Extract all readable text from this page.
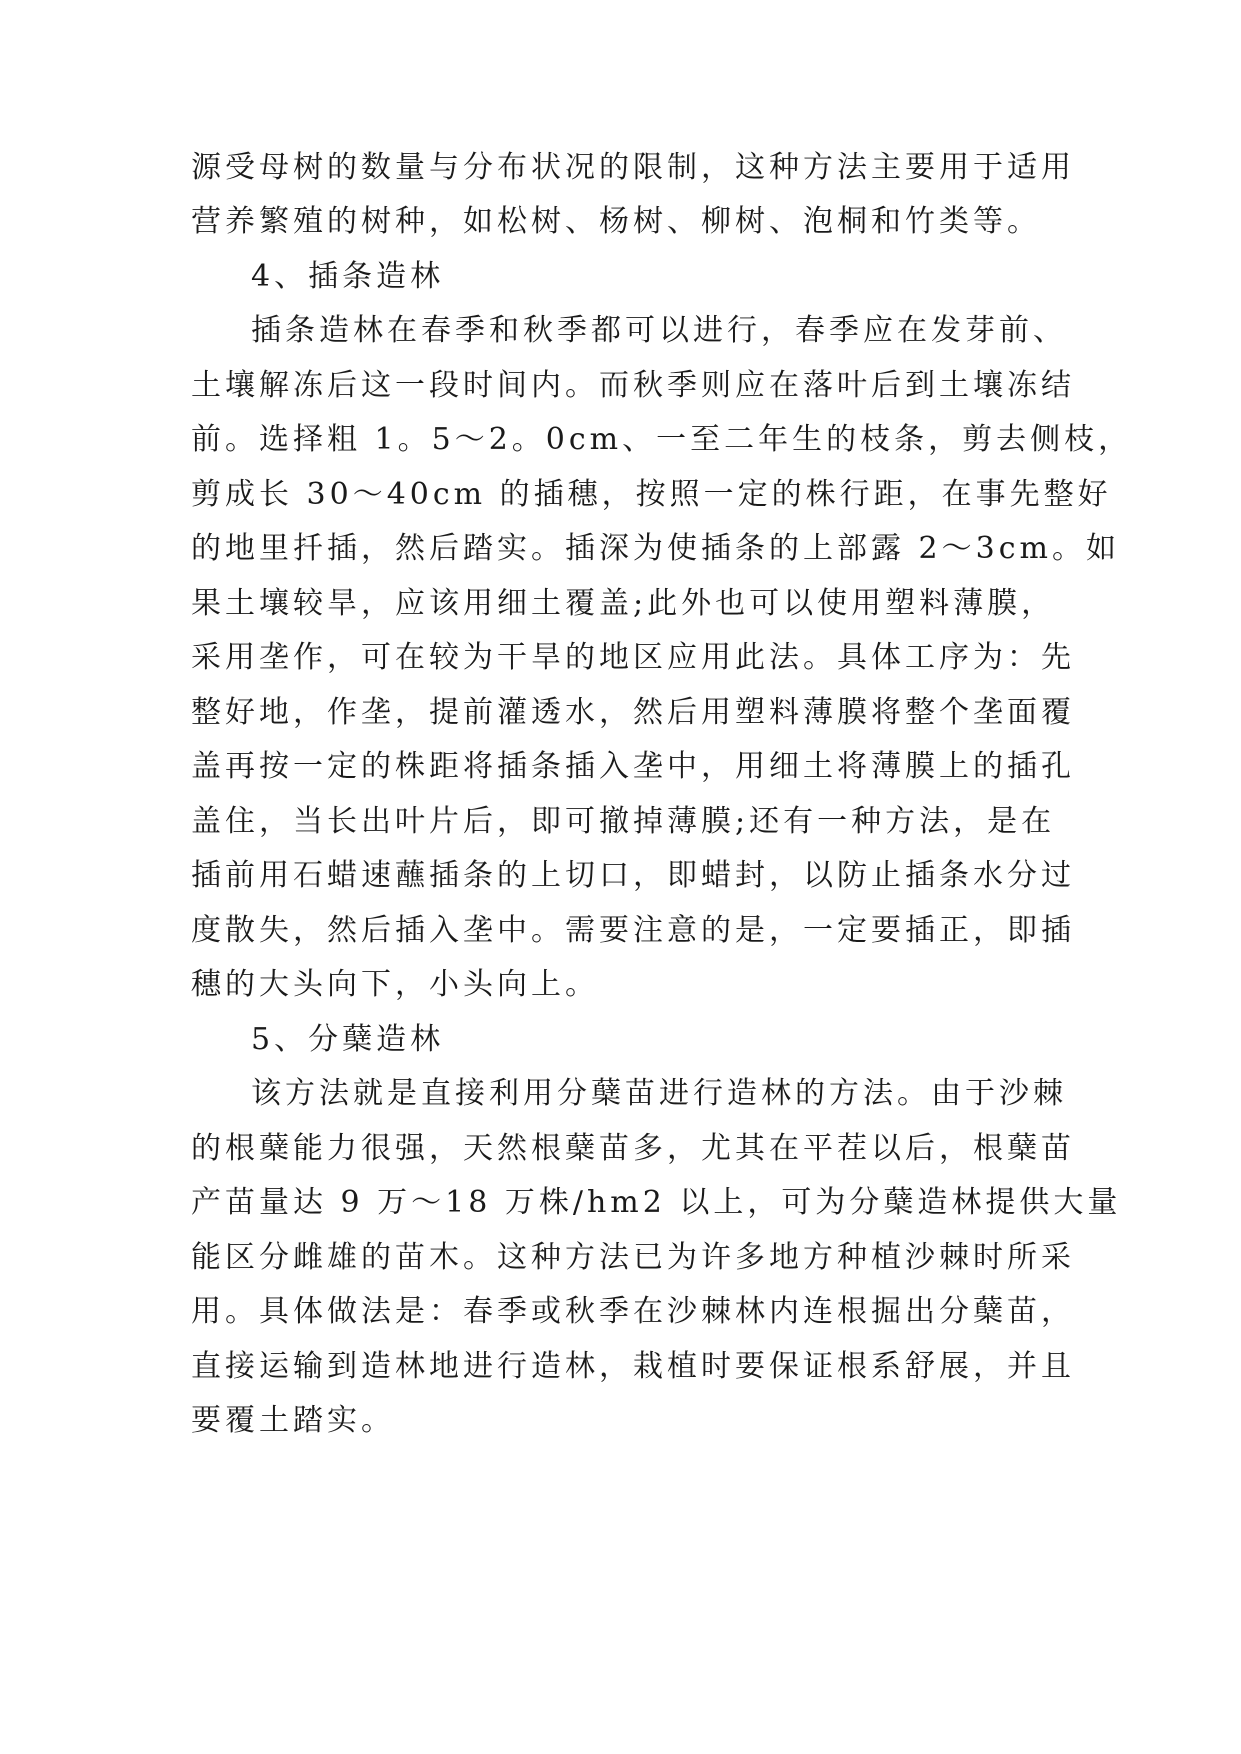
源受母树的数量与分布状况的限制，这种方法主要用于适用
营养繁殖的树种，如松树、杨树、柳树、泡桐和竹类等。
4、插条造林
插条造林在春季和秋季都可以进行，春季应在发芽前、
土壤解冻后这一段时间内。而秋季则应在落叶后到土壤冻结
前。选择粗 1。5～2。0cm、一至二年生的枝条，剪去侧枝，
剪成长 30～40cm 的插穗，按照一定的株行距，在事先整好
的地里扦插，然后踏实。插深为使插条的上部露 2～3cm。如
果土壤较旱，应该用细土覆盖;此外也可以使用塑料薄膜，
采用垄作，可在较为干旱的地区应用此法。具体工序为：先
整好地，作垄，提前灌透水，然后用塑料薄膜将整个垄面覆
盖再按一定的株距将插条插入垄中，用细土将薄膜上的插孔
盖住，当长出叶片后，即可撤掉薄膜;还有一种方法，是在
插前用石蜡速蘸插条的上切口，即蜡封，以防止插条水分过
度散失，然后插入垄中。需要注意的是，一定要插正，即插
穗的大头向下，小头向上。
5、分蘖造林
该方法就是直接利用分蘖苗进行造林的方法。由于沙棘
的根蘖能力很强，天然根蘖苗多，尤其在平茬以后，根蘖苗
产苗量达 9 万～18 万株/hm2 以上，可为分蘖造林提供大量
能区分雌雄的苗木。这种方法已为许多地方种植沙棘时所采
用。具体做法是：春季或秋季在沙棘林内连根掘出分蘖苗，
直接运输到造林地进行造林，栽植时要保证根系舒展，并且
要覆土踏实。
